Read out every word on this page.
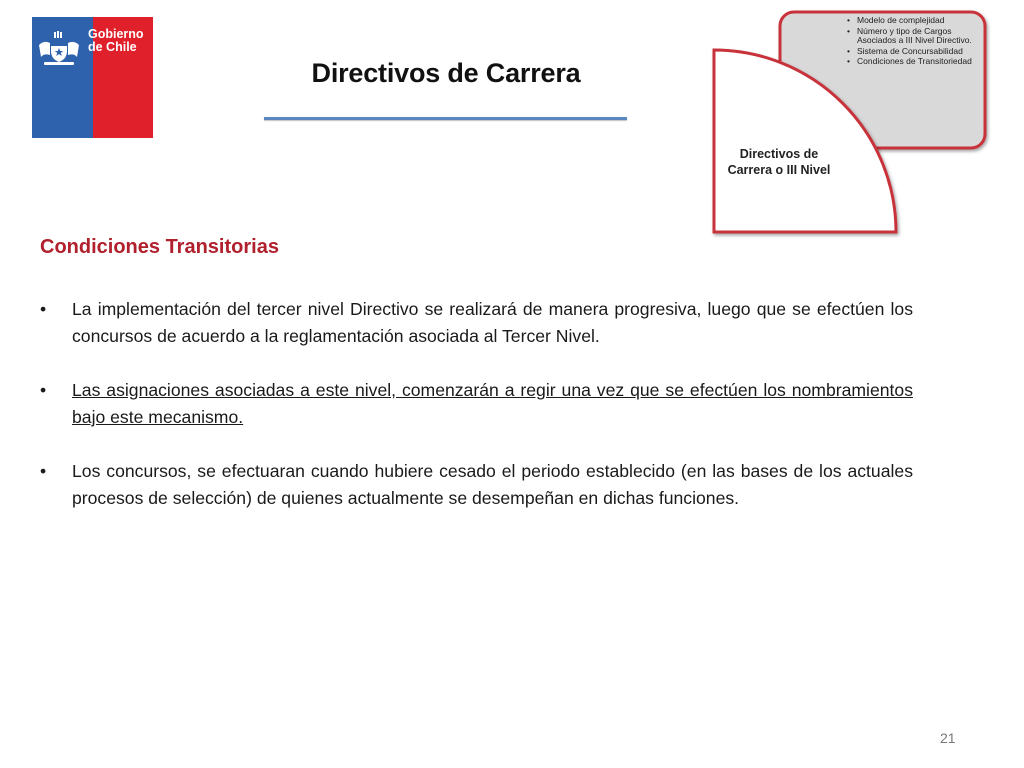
Gobierno
de Chile
Directivos de Carrera
• Modelo de complejidad
• Número y tipo de Cargos Asociados a III Nivel Directivo.
• Sistema de Concursabilidad
• Condiciones de Transitoriedad
Directivos de
Carrera o III Nivel
Condiciones Transitorias
• La implementación del tercer nivel Directivo se realizará de manera progresiva, luego que se efectúen los concursos de acuerdo a la reglamentación asociada al Tercer Nivel.
• Las asignaciones asociadas a este nivel, comenzarán a regir una vez que se efectúen los nombramientos bajo este mecanismo.
• Los concursos, se efectuaran cuando hubiere cesado el periodo establecido (en las bases de los actuales procesos de selección) de quienes actualmente se desempeñan en dichas funciones.
21
